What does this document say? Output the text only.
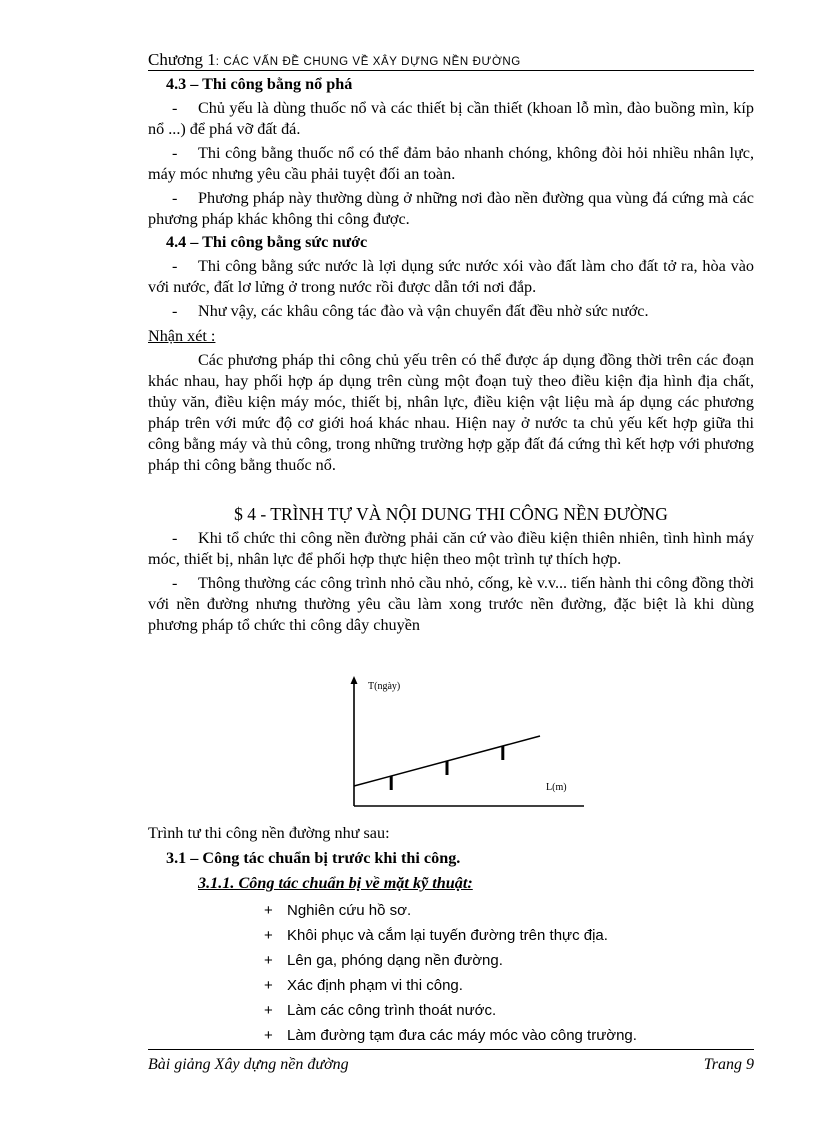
Chương 1: CÁC VẤN ĐỀ CHUNG VỀ XÂY DỰNG NỀN ĐƯỜNG
4.3 – Thi công bằng nổ phá
- Chủ yếu là dùng thuốc nổ và các thiết bị cần thiết (khoan lỗ mìn, đào buồng mìn, kíp nổ ...) để phá vỡ đất đá.
- Thi công bằng thuốc nổ có thể đảm bảo nhanh chóng, không đòi hỏi nhiều nhân lực, máy móc nhưng yêu cầu phải tuyệt đối an toàn.
- Phương pháp này thường dùng ở những nơi đào nền đường qua vùng đá cứng mà các phương pháp khác không thi công được.
4.4 – Thi công bằng sức nước
- Thi công bằng sức nước là lợi dụng sức nước xói vào đất làm cho đất tở ra, hòa vào với nước, đất lơ lửng ở trong nước rồi được dẫn tới nơi đắp.
- Như vậy, các khâu công tác đào và vận chuyển đất đều nhờ sức nước.
Nhận xét :
Các phương pháp thi công chủ yếu trên có thể được áp dụng đồng thời trên các đoạn khác nhau, hay phối hợp áp dụng trên cùng một đoạn tuỳ theo điều kiện địa hình địa chất, thủy văn, điều kiện máy móc, thiết bị, nhân lực, điều kiện vật liệu mà áp dụng các phương pháp trên với mức độ cơ giới hoá khác nhau. Hiện nay ở nước ta chủ yếu kết hợp giữa thi công bằng máy và thủ công, trong những trường hợp gặp đất đá cứng thì kết hợp với phương pháp thi công bằng thuốc nổ.
$ 4 - TRÌNH TỰ VÀ NỘI DUNG THI CÔNG NỀN ĐƯỜNG
- Khi tổ chức thi công nền đường phải căn cứ vào điều kiện thiên nhiên, tình hình máy móc, thiết bị, nhân lực để phối hợp thực hiện theo một trình tự thích hợp.
- Thông thường các công trình nhỏ cầu nhỏ, cống, kè v.v... tiến hành thi công đồng thời với nền đường nhưng thường yêu cầu làm xong trước nền đường, đặc biệt là khi dùng phương pháp tổ chức thi công dây chuyền
T(ngày)
L(m)
Trình tư thi công nền đường như sau:
3.1 – Công tác chuẩn bị trước khi thi công.
3.1.1. Công tác chuẩn bị về mặt kỹ thuật:
+ Nghiên cứu hồ sơ.
+ Khôi phục và cắm lại tuyến đường trên thực địa.
+ Lên ga, phóng dạng nền đường.
+ Xác định phạm vi thi công.
+ Làm các công trình thoát nước.
+ Làm đường tạm đưa các máy móc vào công trường.
Bài giảng Xây dựng nền đường	Trang 9
